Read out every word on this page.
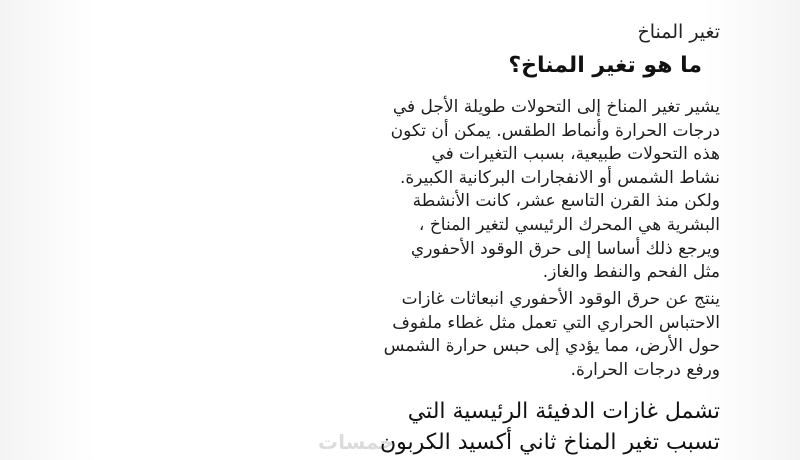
تغير المناخ
ما هو تغير المناخ؟
يشير تغير المناخ إلى التحولات طويلة الأجل في
درجات الحرارة وأنماط الطقس. يمكن أن تكون
هذه التحولات طبيعية، بسبب التغيرات في
نشاط الشمس أو الانفجارات البركانية الكبيرة.
ولكن منذ القرن التاسع عشر، كانت الأنشطة
البشرية هي المحرك الرئيسي لتغير المناخ ،
ويرجع ذلك أساسا إلى حرق الوقود الأحفوري
مثل الفحم والنفط والغاز.
ينتج عن حرق الوقود الأحفوري انبعاثات غازات
الاحتباس الحراري التي تعمل مثل غطاء ملفوف
حول الأرض، مما يؤدي إلى حبس حرارة الشمس
ورفع درجات الحرارة.
تشمل غازات الدفيئة الرئيسية التي
تسبب تغير المناخ ثاني أكسيد الكربون
خمسات
